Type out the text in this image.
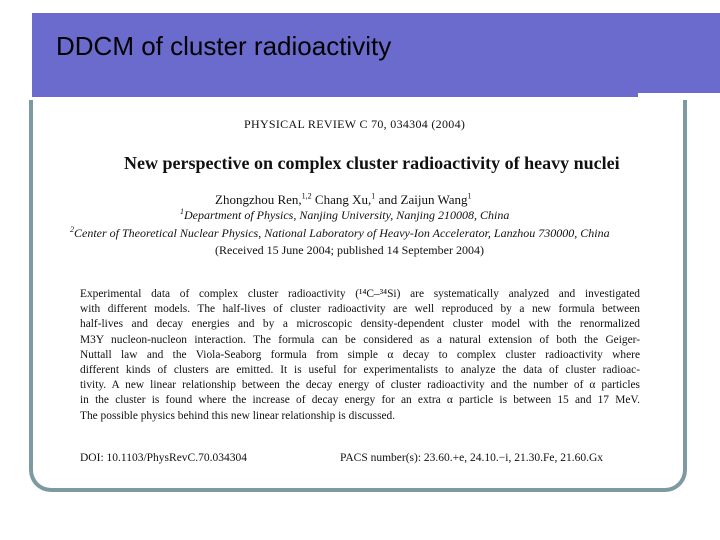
DDCM of cluster radioactivity
PHYSICAL REVIEW C 70, 034304 (2004)
New perspective on complex cluster radioactivity of heavy nuclei
Zhongzhou Ren,$^{1,2}$ Chang Xu,$^1$ and Zaijun Wang$^1$
$^1$Department of Physics, Nanjing University, Nanjing 210008, China
$^2$Center of Theoretical Nuclear Physics, National Laboratory of Heavy-Ion Accelerator, Lanzhou 730000, China
(Received 15 June 2004; published 14 September 2004)
Experimental data of complex cluster radioactivity (¹⁴C–³⁴Si) are systematically analyzed and investigated
with different models. The half-lives of cluster radioactivity are well reproduced by a new formula between
half-lives and decay energies and by a microscopic density-dependent cluster model with the renormalized
M3Y nucleon-nucleon interaction. The formula can be considered as a natural extension of both the Geiger-
Nuttall law and the Viola-Seaborg formula from simple α decay to complex cluster radioactivity where
different kinds of clusters are emitted. It is useful for experimentalists to analyze the data of cluster radioac-
tivity. A new linear relationship between the decay energy of cluster radioactivity and the number of α particles
in the cluster is found where the increase of decay energy for an extra α particle is between 15 and 17 MeV.
The possible physics behind this new linear relationship is discussed.
DOI: 10.1103/PhysRevC.70.034304	PACS number(s): 23.60.+e, 24.10.−i, 21.30.Fe, 21.60.Gx
